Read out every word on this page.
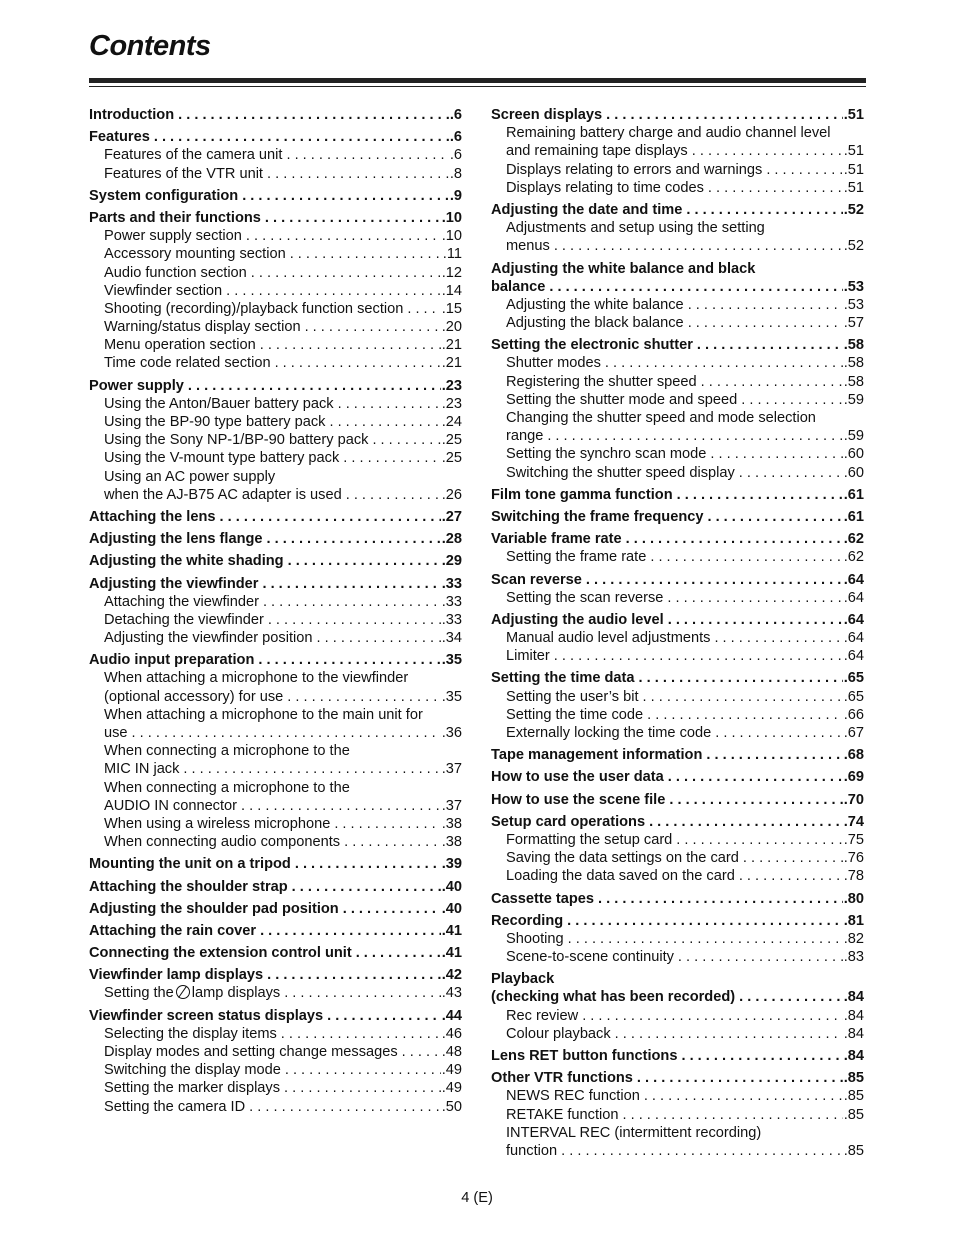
Contents
Introduction . . .	.6
Features . . .	.6
Features of the camera unit . . .	.6
Features of the VTR unit . . .	.8
System configuration . . .	.9
Parts and their functions . . .	.10
Power supply section . . .	.10
Accessory mounting section . . .	.11
Audio function section . . .	.12
Viewfinder section . . .	.14
Shooting (recording)/playback function section . . .	.15
Warning/status display section . . .	.20
Menu operation section . . .	.21
Time code related section . . .	.21
Power supply . . .	.23
Using the Anton/Bauer battery pack . . .	.23
Using the BP-90 type battery pack . . .	.24
Using the Sony NP-1/BP-90 battery pack . . .	.25
Using the V-mount type battery pack . . .	.25
Using an AC power supply
when the AJ-B75 AC adapter is used . . .	.26
Attaching the lens . . .	.27
Adjusting the lens flange . . .	.28
Adjusting the white shading . . .	.29
Adjusting the viewfinder . . .	.33
Attaching the viewfinder . . .	.33
Detaching the viewfinder . . .	.33
Adjusting the viewfinder position . . .	.34
Audio input preparation . . .	.35
When attaching a microphone to the viewfinder
(optional accessory) for use . . .	.35
When attaching a microphone to the main unit for
use . . .	.36
When connecting a microphone to the
MIC IN jack . . .	.37
When connecting a microphone to the
AUDIO IN connector . . .	.37
When using a wireless microphone . . .	.38
When connecting audio components . . .	.38
Mounting the unit on a tripod . . .	.39
Attaching the shoulder strap . . .	.40
Adjusting the shoulder pad position . . .	.40
Attaching the rain cover . . .	.41
Connecting the extension control unit . . .	.41
Viewfinder lamp displays . . .	.42
Setting the lamp displays . . .	.43
Viewfinder screen status displays . . .	.44
Selecting the display items . . .	.46
Display modes and setting change messages . . .	.48
Switching the display mode . . .	.49
Setting the marker displays . . .	.49
Setting the camera ID . . .	.50
Screen displays . . .	.51
Remaining battery charge and audio channel level
and remaining tape displays . . .	.51
Displays relating to errors and warnings . . .	.51
Displays relating to time codes . . .	.51
Adjusting the date and time . . .	.52
Adjustments and setup using the setting
menus . . .	.52
Adjusting the white balance and black
balance . . .	.53
Adjusting the white balance . . .	.53
Adjusting the black balance . . .	.57
Setting the electronic shutter . . .	.58
Shutter modes . . .	.58
Registering the shutter speed . . .	.58
Setting the shutter mode and speed . . .	.59
Changing the shutter speed and mode selection
range . . .	.59
Setting the synchro scan mode . . .	.60
Switching the shutter speed display . . .	.60
Film tone gamma function . . .	.61
Switching the frame frequency . . .	.61
Variable frame rate . . .	.62
Setting the frame rate . . .	.62
Scan reverse . . .	.64
Setting the scan reverse . . .	.64
Adjusting the audio level . . .	.64
Manual audio level adjustments . . .	.64
Limiter . . .	.64
Setting the time data . . .	.65
Setting the user’s bit . . .	.65
Setting the time code . . .	.66
Externally locking the time code . . .	.67
Tape management information . . .	.68
How to use the user data . . .	.69
How to use the scene file . . .	.70
Setup card operations . . .	.74
Formatting the setup card . . .	.75
Saving the data settings on the card . . .	.76
Loading the data saved on the card . . .	.78
Cassette tapes . . .	.80
Recording . . .	.81
Shooting . . .	.82
Scene-to-scene continuity . . .	.83
Playback
(checking what has been recorded) . . .	.84
Rec review . . .	.84
Colour playback . . .	.84
Lens RET button functions . . .	.84
Other VTR functions . . .	.85
NEWS REC function . . .	.85
RETAKE function . . .	.85
INTERVAL REC (intermittent recording)
function . . .	.85
4 (E)
